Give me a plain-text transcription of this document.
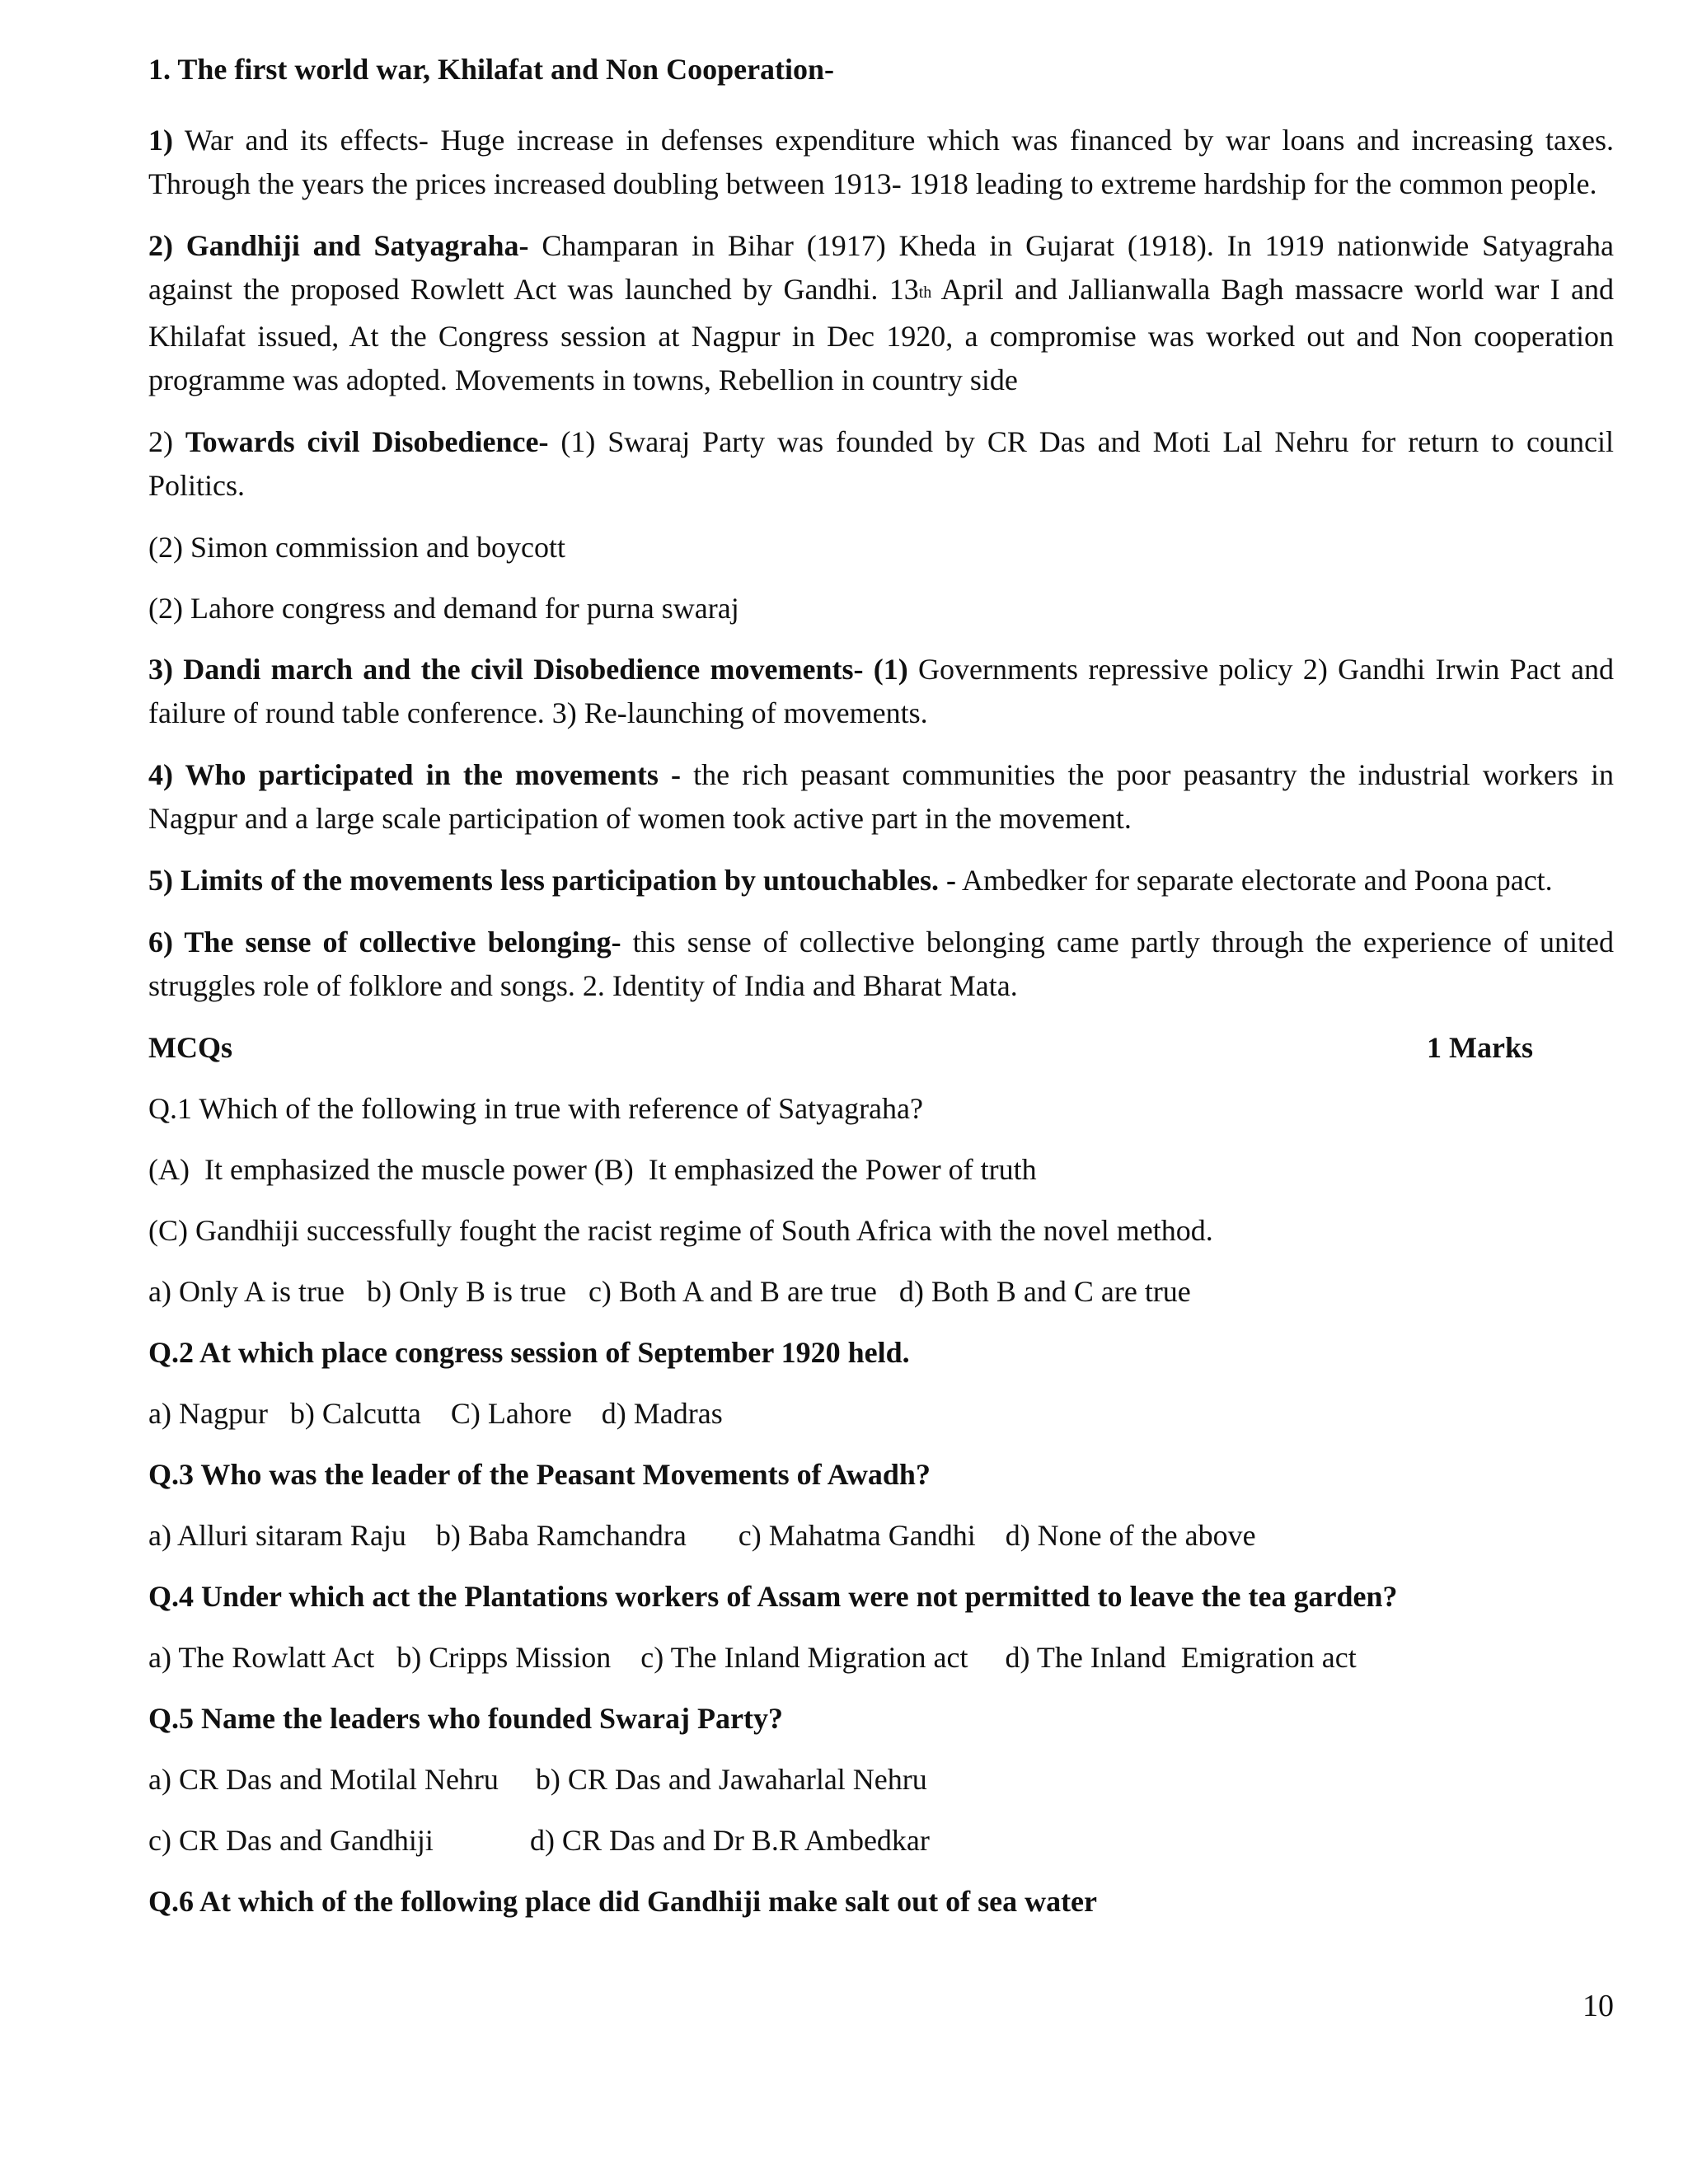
1. The first world war, Khilafat and Non Cooperation-
1) War and its effects- Huge increase in defenses expenditure which was financed by war loans and increasing taxes. Through the years the prices increased doubling between 1913- 1918 leading to extreme hardship for the common people.
2) Gandhiji and Satyagraha- Champaran in Bihar (1917) Kheda in Gujarat (1918). In 1919 nationwide Satyagraha against the proposed Rowlett Act was launched by Gandhi. 13th April and Jallianwalla Bagh massacre world war I and Khilafat issued, At the Congress session at Nagpur in Dec 1920, a compromise was worked out and Non cooperation programme was adopted. Movements in towns, Rebellion in country side
2) Towards civil Disobedience- (1) Swaraj Party was founded by CR Das and Moti Lal Nehru for return to council Politics.
(2) Simon commission and boycott
(2) Lahore congress and demand for purna swaraj
3) Dandi march and the civil Disobedience movements- (1) Governments repressive policy 2) Gandhi Irwin Pact and failure of round table conference. 3) Re-launching of movements.
4) Who participated in the movements - the rich peasant communities the poor peasantry the industrial workers in Nagpur and a large scale participation of women took active part in the movement.
5) Limits of the movements less participation by untouchables. - Ambedker for separate electorate and Poona pact.
6) The sense of collective belonging- this sense of collective belonging came partly through the experience of united struggles role of folklore and songs. 2. Identity of India and Bharat Mata.
MCQs	1 Marks
Q.1 Which of the following in true with reference of Satyagraha?
(A)  It emphasized the muscle power (B)  It emphasized the Power of truth
(C) Gandhiji successfully fought the racist regime of South Africa with the novel method.
a) Only A is true   b) Only B is true   c) Both A and B are true   d) Both B and C are true
Q.2 At which place congress session of September 1920 held.
a) Nagpur   b) Calcutta    C) Lahore    d) Madras
Q.3 Who was the leader of the Peasant Movements of Awadh?
a) Alluri sitaram Raju    b) Baba Ramchandra       c) Mahatma Gandhi    d) None of the above
Q.4 Under which act the Plantations workers of Assam were not permitted to leave the tea garden?
a) The Rowlatt Act   b) Cripps Mission    c) The Inland Migration act     d) The Inland  Emigration act
Q.5 Name the leaders who founded Swaraj Party?
a) CR Das and Motilal Nehru     b) CR Das and Jawaharlal Nehru
c) CR Das and Gandhiji             d) CR Das and Dr B.R Ambedkar
Q.6 At which of the following place did Gandhiji make salt out of sea water
10
